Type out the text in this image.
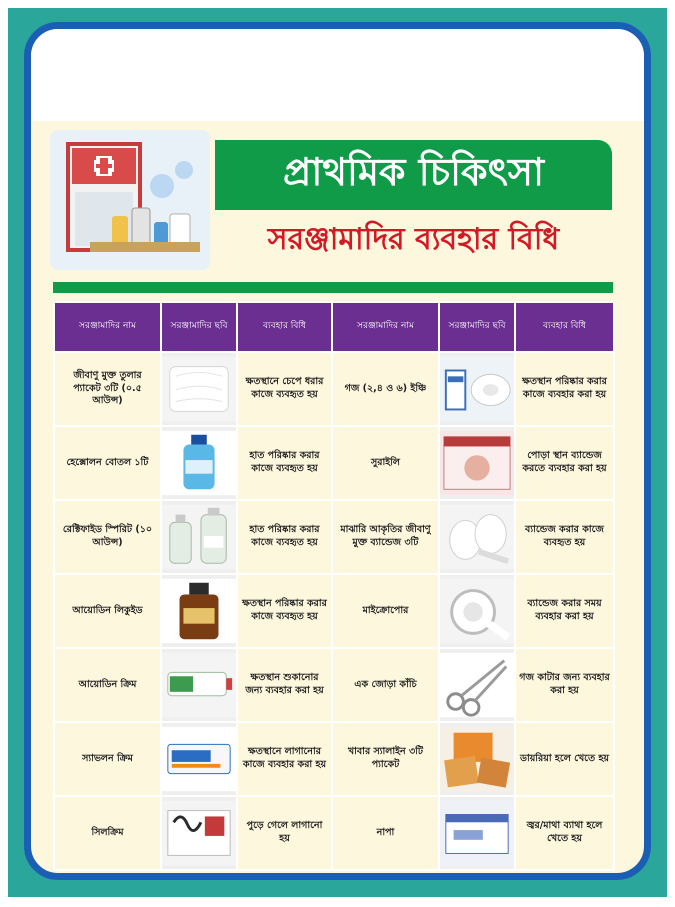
প্রাথমিক চিকিৎসা
সরঞ্জামাদির ব্যবহার বিধি
সরঞ্জামাদির নাম	সরঞ্জামাদির ছবি	ব্যবহার বিধি	সরঞ্জামাদির নাম	সরঞ্জামাদির ছবি	ব্যবহার বিধি
জীবাণু মুক্ত তুলার প্যাকেট ৩টি (০.৫ আউন্স)		ক্ষতস্থানে চেপে ধরার কাজে ব্যবহৃত হয়	গজ (২,৪ ও ৬) ইঞ্চি		ক্ষতস্থান পরিষ্কার করার কাজে ব্যবহার করা হয়
হেক্সোলন বোতল ১টি		হাত পরিষ্কার করার কাজে ব্যবহৃত হয়	সুরাইলি		পোড়া স্থান ব্যান্ডেজ করতে ব্যবহার করা হয়
রেক্টিফাইড স্পিরিট (১০ আউন্স)		হাত পরিষ্কার করার কাজে ব্যবহৃত হয়	মাঝারি আকৃতির জীবাণু মুক্ত ব্যান্ডেজ ৩টি		ব্যান্ডেজ করার কাজে ব্যবহৃত হয়
আয়োডিন লিকুইড		ক্ষতস্থান পরিষ্কার করার কাজে ব্যবহৃত হয়	মাইক্রোপোর		ব্যান্ডেজ করার সময় ব্যবহার করা হয়
আয়োডিন ক্রিম		ক্ষতস্থান শুকানোর জন্য ব্যবহার করা হয়	এক জোড়া কাঁচি		গজ কাটার জন্য ব্যবহার করা হয়
স্যাভলন ক্রিম		ক্ষতস্থানে লাগানোর কাজে ব্যবহার করা হয়	খাবার স্যালাইন ৩টি প্যাকেট		ডায়রিয়া হলে খেতে হয়
সিলক্রিম		পুড়ে গেলে লাগানো হয়	নাপা		জ্বর/মাথা ব্যাথা হলে খেতে হয়
